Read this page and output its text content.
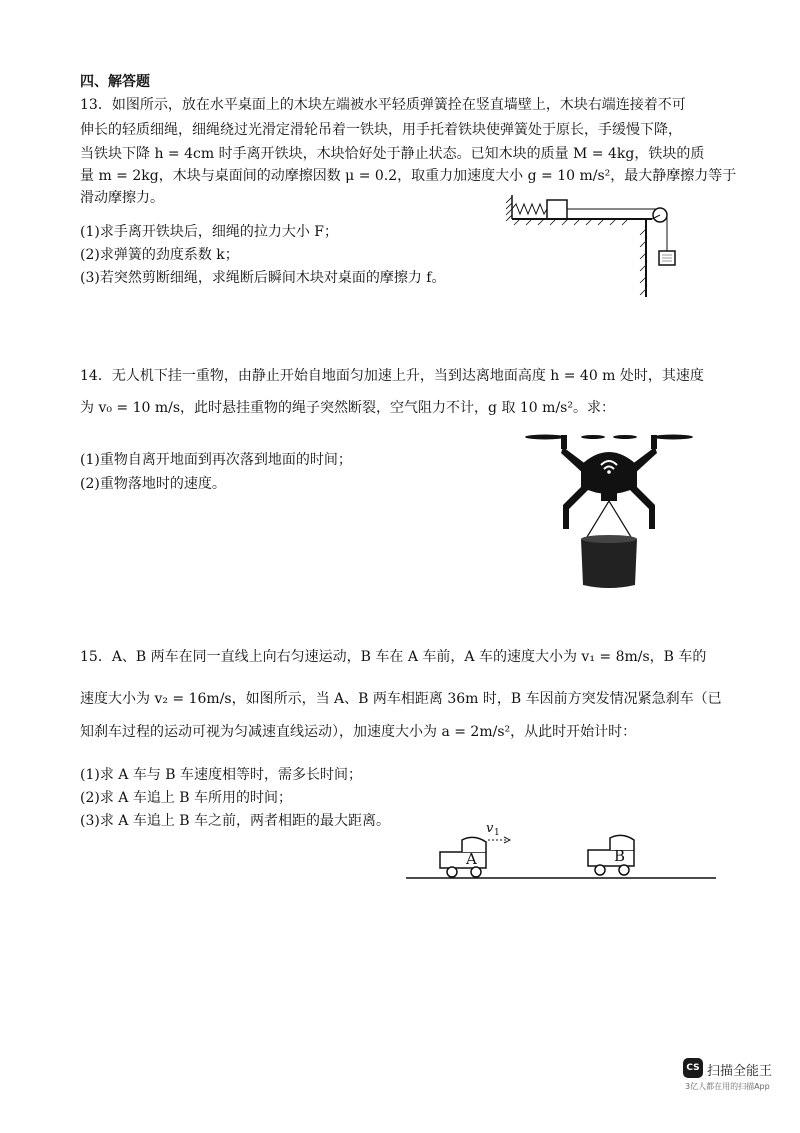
四、解答题
13．如图所示，放在水平桌面上的木块左端被水平轻质弹簧拴在竖直墙壁上，木块右端连接着不可
伸长的轻质细绳，细绳绕过光滑定滑轮吊着一铁块，用手托着铁块使弹簧处于原长，手缓慢下降，
当铁块下降 h = 4cm 时手离开铁块，木块恰好处于静止状态。已知木块的质量 M = 4kg，铁块的质
量 m = 2kg，木块与桌面间的动摩擦因数 μ = 0.2，取重力加速度大小 g = 10 m/s²，最大静摩擦力等于
滑动摩擦力。
(1)求手离开铁块后，细绳的拉力大小 F；
(2)求弹簧的劲度系数 k；
(3)若突然剪断细绳，求绳断后瞬间木块对桌面的摩擦力 f。
14．无人机下挂一重物，由静止开始自地面匀加速上升，当到达离地面高度 h = 40 m 处时，其速度
为 v₀ = 10 m/s，此时悬挂重物的绳子突然断裂，空气阻力不计，g 取 10 m/s²。求：
(1)重物自离开地面到再次落到地面的时间；
(2)重物落地时的速度。
15．A、B 两车在同一直线上向右匀速运动，B 车在 A 车前，A 车的速度大小为 v₁ = 8m/s，B 车的
速度大小为 v₂ = 16m/s，如图所示，当 A、B 两车相距离 36m 时，B 车因前方突发情况紧急刹车（已
知刹车过程的运动可视为匀减速直线运动），加速度大小为 a = 2m/s²，从此时开始计时：
(1)求 A 车与 B 车速度相等时，需多长时间；
(2)求 A 车追上 B 车所用的时间；
(3)求 A 车追上 B 车之前，两者相距的最大距离。
A
v 1
B
CS 扫描全能王
3亿人都在用的扫描App
